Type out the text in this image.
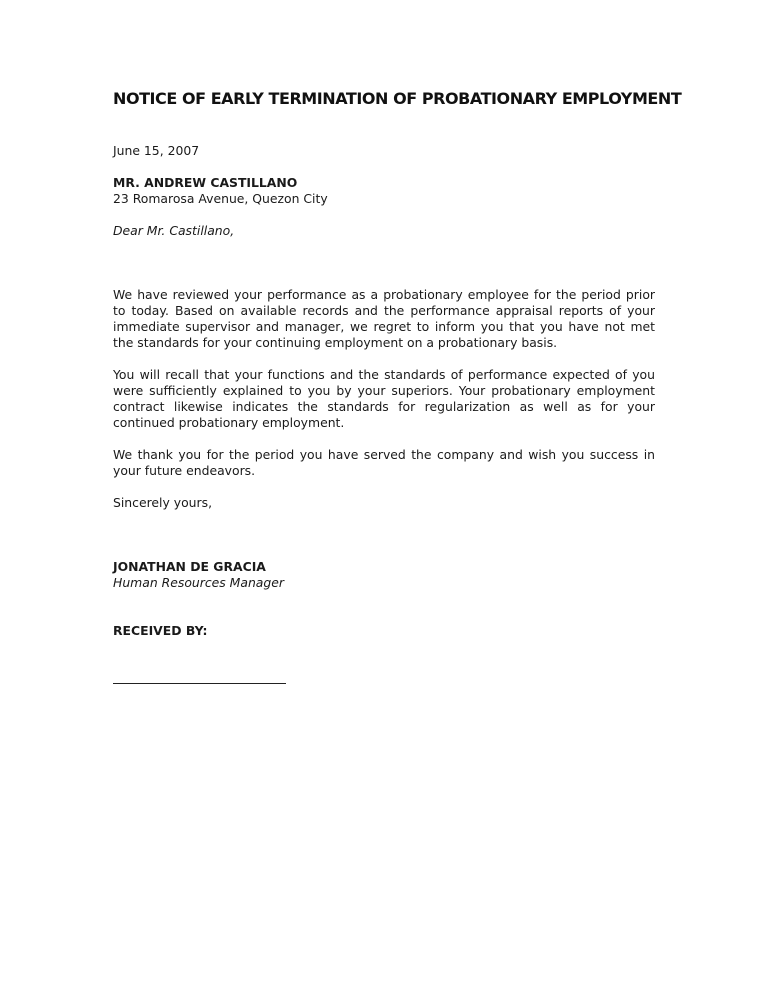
NOTICE OF EARLY TERMINATION OF PROBATIONARY EMPLOYMENT
June 15, 2007
MR. ANDREW CASTILLANO
23 Romarosa Avenue, Quezon City
Dear Mr. Castillano,
We have reviewed your performance as a probationary employee for the period prior to today. Based on available records and the performance appraisal reports of your immediate supervisor and manager, we regret to inform you that you have not met the standards for your continuing employment on a probationary basis.
You will recall that your functions and the standards of performance expected of you were sufficiently explained to you by your superiors. Your probationary employment contract likewise indicates the standards for regularization as well as for your continued probationary employment.
We thank you for the period you have served the company and wish you success in your future endeavors.
Sincerely yours,
JONATHAN DE GRACIA
Human Resources Manager
RECEIVED BY:
